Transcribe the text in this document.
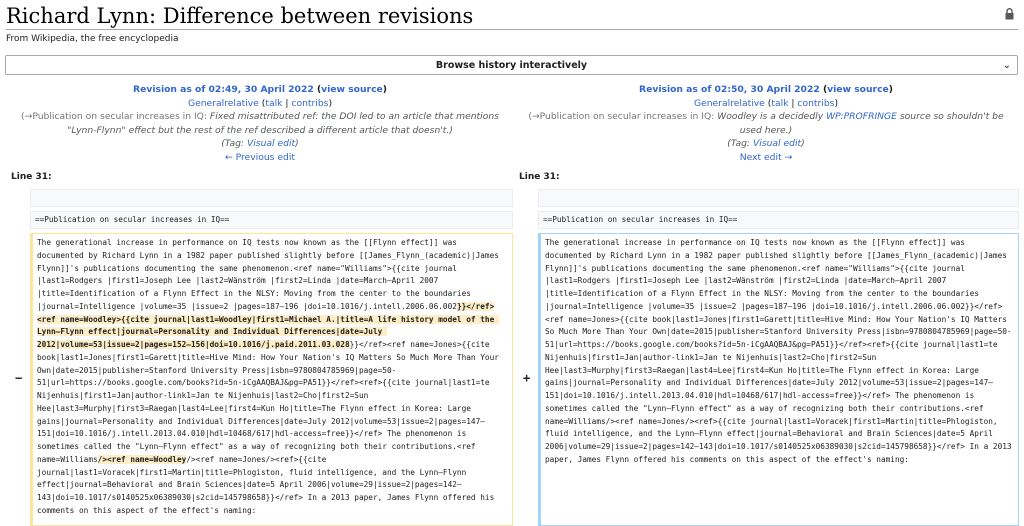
Richard Lynn: Difference between revisions
From Wikipedia, the free encyclopedia
Browse history interactively	⌄
Revision as of 02:49, 30 April 2022 (view source)
Generalrelative (talk | contribs)
(→Publication on secular increases in IQ: Fixed misattributed ref: the DOI led to an article that mentions "Lynn-Flynn" effect but the rest of the ref described a different article that doesn't.)
(Tag: Visual edit)
← Previous edit
Revision as of 02:50, 30 April 2022 (view source)
Generalrelative (talk | contribs)
(→Publication on secular increases in IQ: Woodley is a decidedly WP:PROFRINGE source so shouldn't be used here.)
(Tag: Visual edit)
Next edit →
Line 31:	Line 31:
==Publication on secular increases in IQ==	==Publication on secular increases in IQ==
−	+
The generational increase in performance on IQ tests now known as the [[Flynn effect]] was documented by Richard Lynn in a 1982 paper published slightly before [[James_Flynn_(academic)|James Flynn]]'s publications documenting the same phenomenon.<ref name="Williams">{{cite journal |last1=Rodgers |first1=Joseph Lee |last2=Wänström |first2=Linda |date=March–April 2007 |title=Identification of a Flynn Effect in the NLSY: Moving from the center to the boundaries |journal=Intelligence |volume=35 |issue=2 |pages=187–196 |doi=10.1016/j.intell.2006.06.002}}</ref><ref name=Woodley>{{cite journal|last1=Woodley|first1=Michael A.|title=A life history model of the Lynn–Flynn effect|journal=Personality and Individual Differences|date=July 2012|volume=53|issue=2|pages=152–156|doi=10.1016/j.paid.2011.03.028}}</ref><ref name=Jones>{{cite book|last1=Jones|first1=Garett|title=Hive Mind: How Your Nation's IQ Matters So Much More Than Your Own|date=2015|publisher=Stanford University Press|isbn=9780804785969|page=50-51|url=https://books.google.com/books?id=5n-iCgAAQBAJ&pg=PA51}}</ref><ref>{{cite journal|last1=te Nijenhuis|first1=Jan|author-link1=Jan te Nijenhuis|last2=Cho|first2=Sun Hee|last3=Murphy|first3=Raegan|last4=Lee|first4=Kun Ho|title=The Flynn effect in Korea: Large gains|journal=Personality and Individual Differences|date=July 2012|volume=53|issue=2|pages=147–151|doi=10.1016/j.intell.2013.04.010|hdl=10468/617|hdl-access=free}}</ref> The phenomenon is sometimes called the "Lynn–Flynn effect" as a way of recognizing both their contributions.<ref name=Williams/><ref name=Woodley/><ref name=Jones/><ref>{{cite journal|last1=Voracek|first1=Martin|title=Phlogiston, fluid intelligence, and the Lynn–Flynn effect|journal=Behavioral and Brain Sciences|date=5 April 2006|volume=29|issue=2|pages=142–143|doi=10.1017/s0140525x06389030|s2cid=145798658}}</ref> In a 2013 paper, James Flynn offered his comments on this aspect of the effect's naming:
The generational increase in performance on IQ tests now known as the [[Flynn effect]] was documented by Richard Lynn in a 1982 paper published slightly before [[James_Flynn_(academic)|James Flynn]]'s publications documenting the same phenomenon.<ref name="Williams">{{cite journal |last1=Rodgers |first1=Joseph Lee |last2=Wänström |first2=Linda |date=March–April 2007 |title=Identification of a Flynn Effect in the NLSY: Moving from the center to the boundaries |journal=Intelligence |volume=35 |issue=2 |pages=187–196 |doi=10.1016/j.intell.2006.06.002}}</ref><ref name=Jones>{{cite book|last1=Jones|first1=Garett|title=Hive Mind: How Your Nation's IQ Matters So Much More Than Your Own|date=2015|publisher=Stanford University Press|isbn=9780804785969|page=50-51|url=https://books.google.com/books?id=5n-iCgAAQBAJ&pg=PA51}}</ref><ref>{{cite journal|last1=te Nijenhuis|first1=Jan|author-link1=Jan te Nijenhuis|last2=Cho|first2=Sun Hee|last3=Murphy|first3=Raegan|last4=Lee|first4=Kun Ho|title=The Flynn effect in Korea: Large gains|journal=Personality and Individual Differences|date=July 2012|volume=53|issue=2|pages=147–151|doi=10.1016/j.intell.2013.04.010|hdl=10468/617|hdl-access=free}}</ref> The phenomenon is sometimes called the "Lynn–Flynn effect" as a way of recognizing both their contributions.<ref name=Williams/><ref name=Jones/><ref>{{cite journal|last1=Voracek|first1=Martin|title=Phlogiston, fluid intelligence, and the Lynn–Flynn effect|journal=Behavioral and Brain Sciences|date=5 April 2006|volume=29|issue=2|pages=142–143|doi=10.1017/s0140525x06389030|s2cid=145798658}}</ref> In a 2013 paper, James Flynn offered his comments on this aspect of the effect's naming:
